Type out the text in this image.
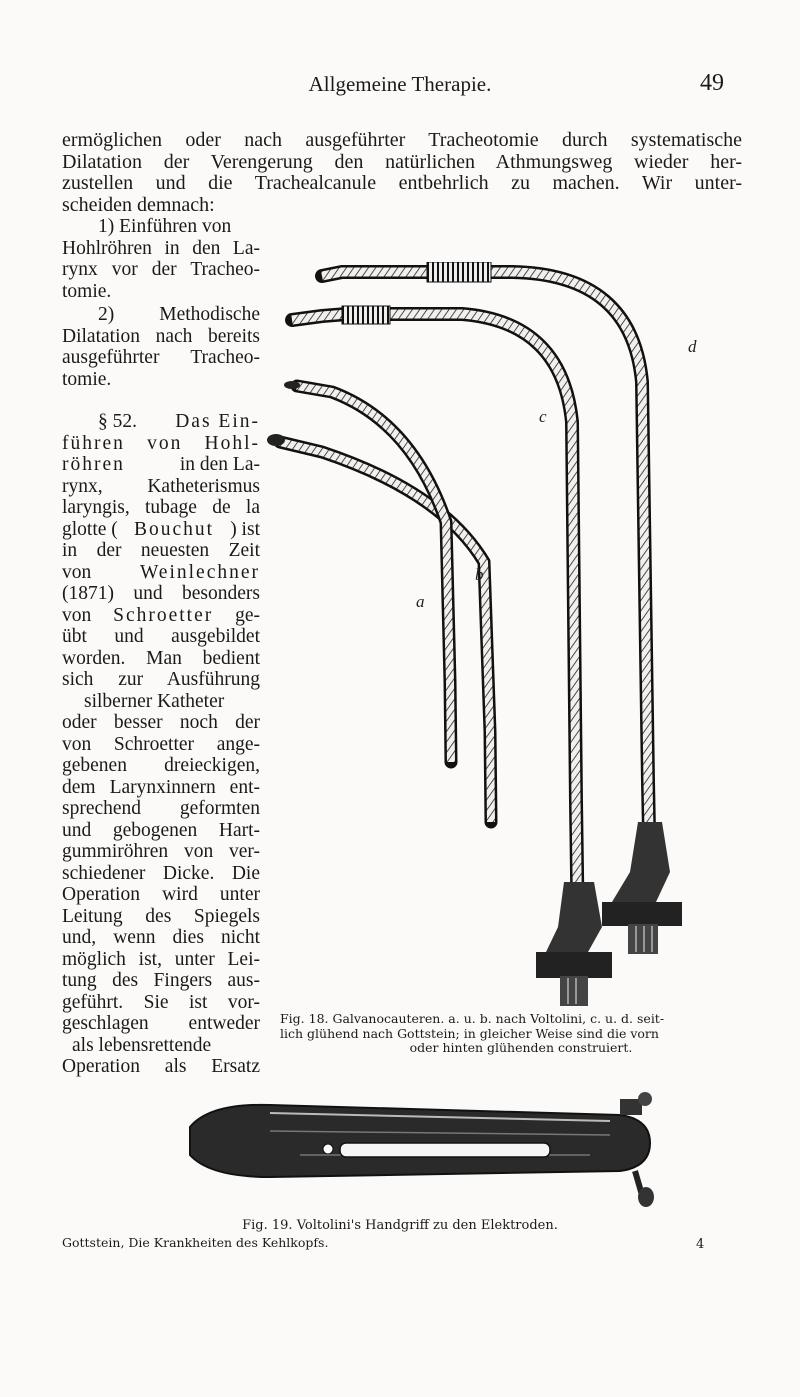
Allgemeine Therapie.	49
ermöglichen oder nach ausgeführter Tracheotomie durch systematische
Dilatation der Verengerung den natürlichen Athmungsweg wieder her-
zustellen und die Trachealcanule entbehrlich zu machen. Wir unter-
scheiden demnach:
1) Einführen von
Hohlröhren in den La-
rynx vor der Tracheo-
tomie.
2) Methodische
Dilatation nach bereits
ausgeführter Tracheo-
tomie.
§ 52. Das Ein-
führen von Hohl-
röhren	in den La-
rynx, Katheterismus
laryngis, tubage de la
glotte ( Bouchut ) ist
in der neuesten Zeit
von Weinlechner
(1871) und besonders
von Schroetter ge-
übt und ausgebildet
worden. Man bedient
sich zur Ausführung
silberner Katheter
oder besser noch der
von Schroetter ange-
gebenen dreieckigen,
dem Larynxinnern ent-
sprechend geformten
und gebogenen Hart-
gummiröhren von ver-
schiedener Dicke. Die
Operation wird unter
Leitung des Spiegels
und, wenn dies nicht
möglich ist, unter Lei-
tung des Fingers aus-
geführt. Sie ist vor-
geschlagen entweder
als lebensrettende
Operation als Ersatz
d
c
b
a
Fig. 18. Galvanocauteren. a. u. b. nach Voltolini, c. u. d. seit-
lich glühend nach Gottstein; in gleicher Weise sind die vorn
oder hinten glühenden construiert.
Fig. 19. Voltolini's Handgriff zu den Elektroden.
Gottstein, Die Krankheiten des Kehlkopfs.	4
